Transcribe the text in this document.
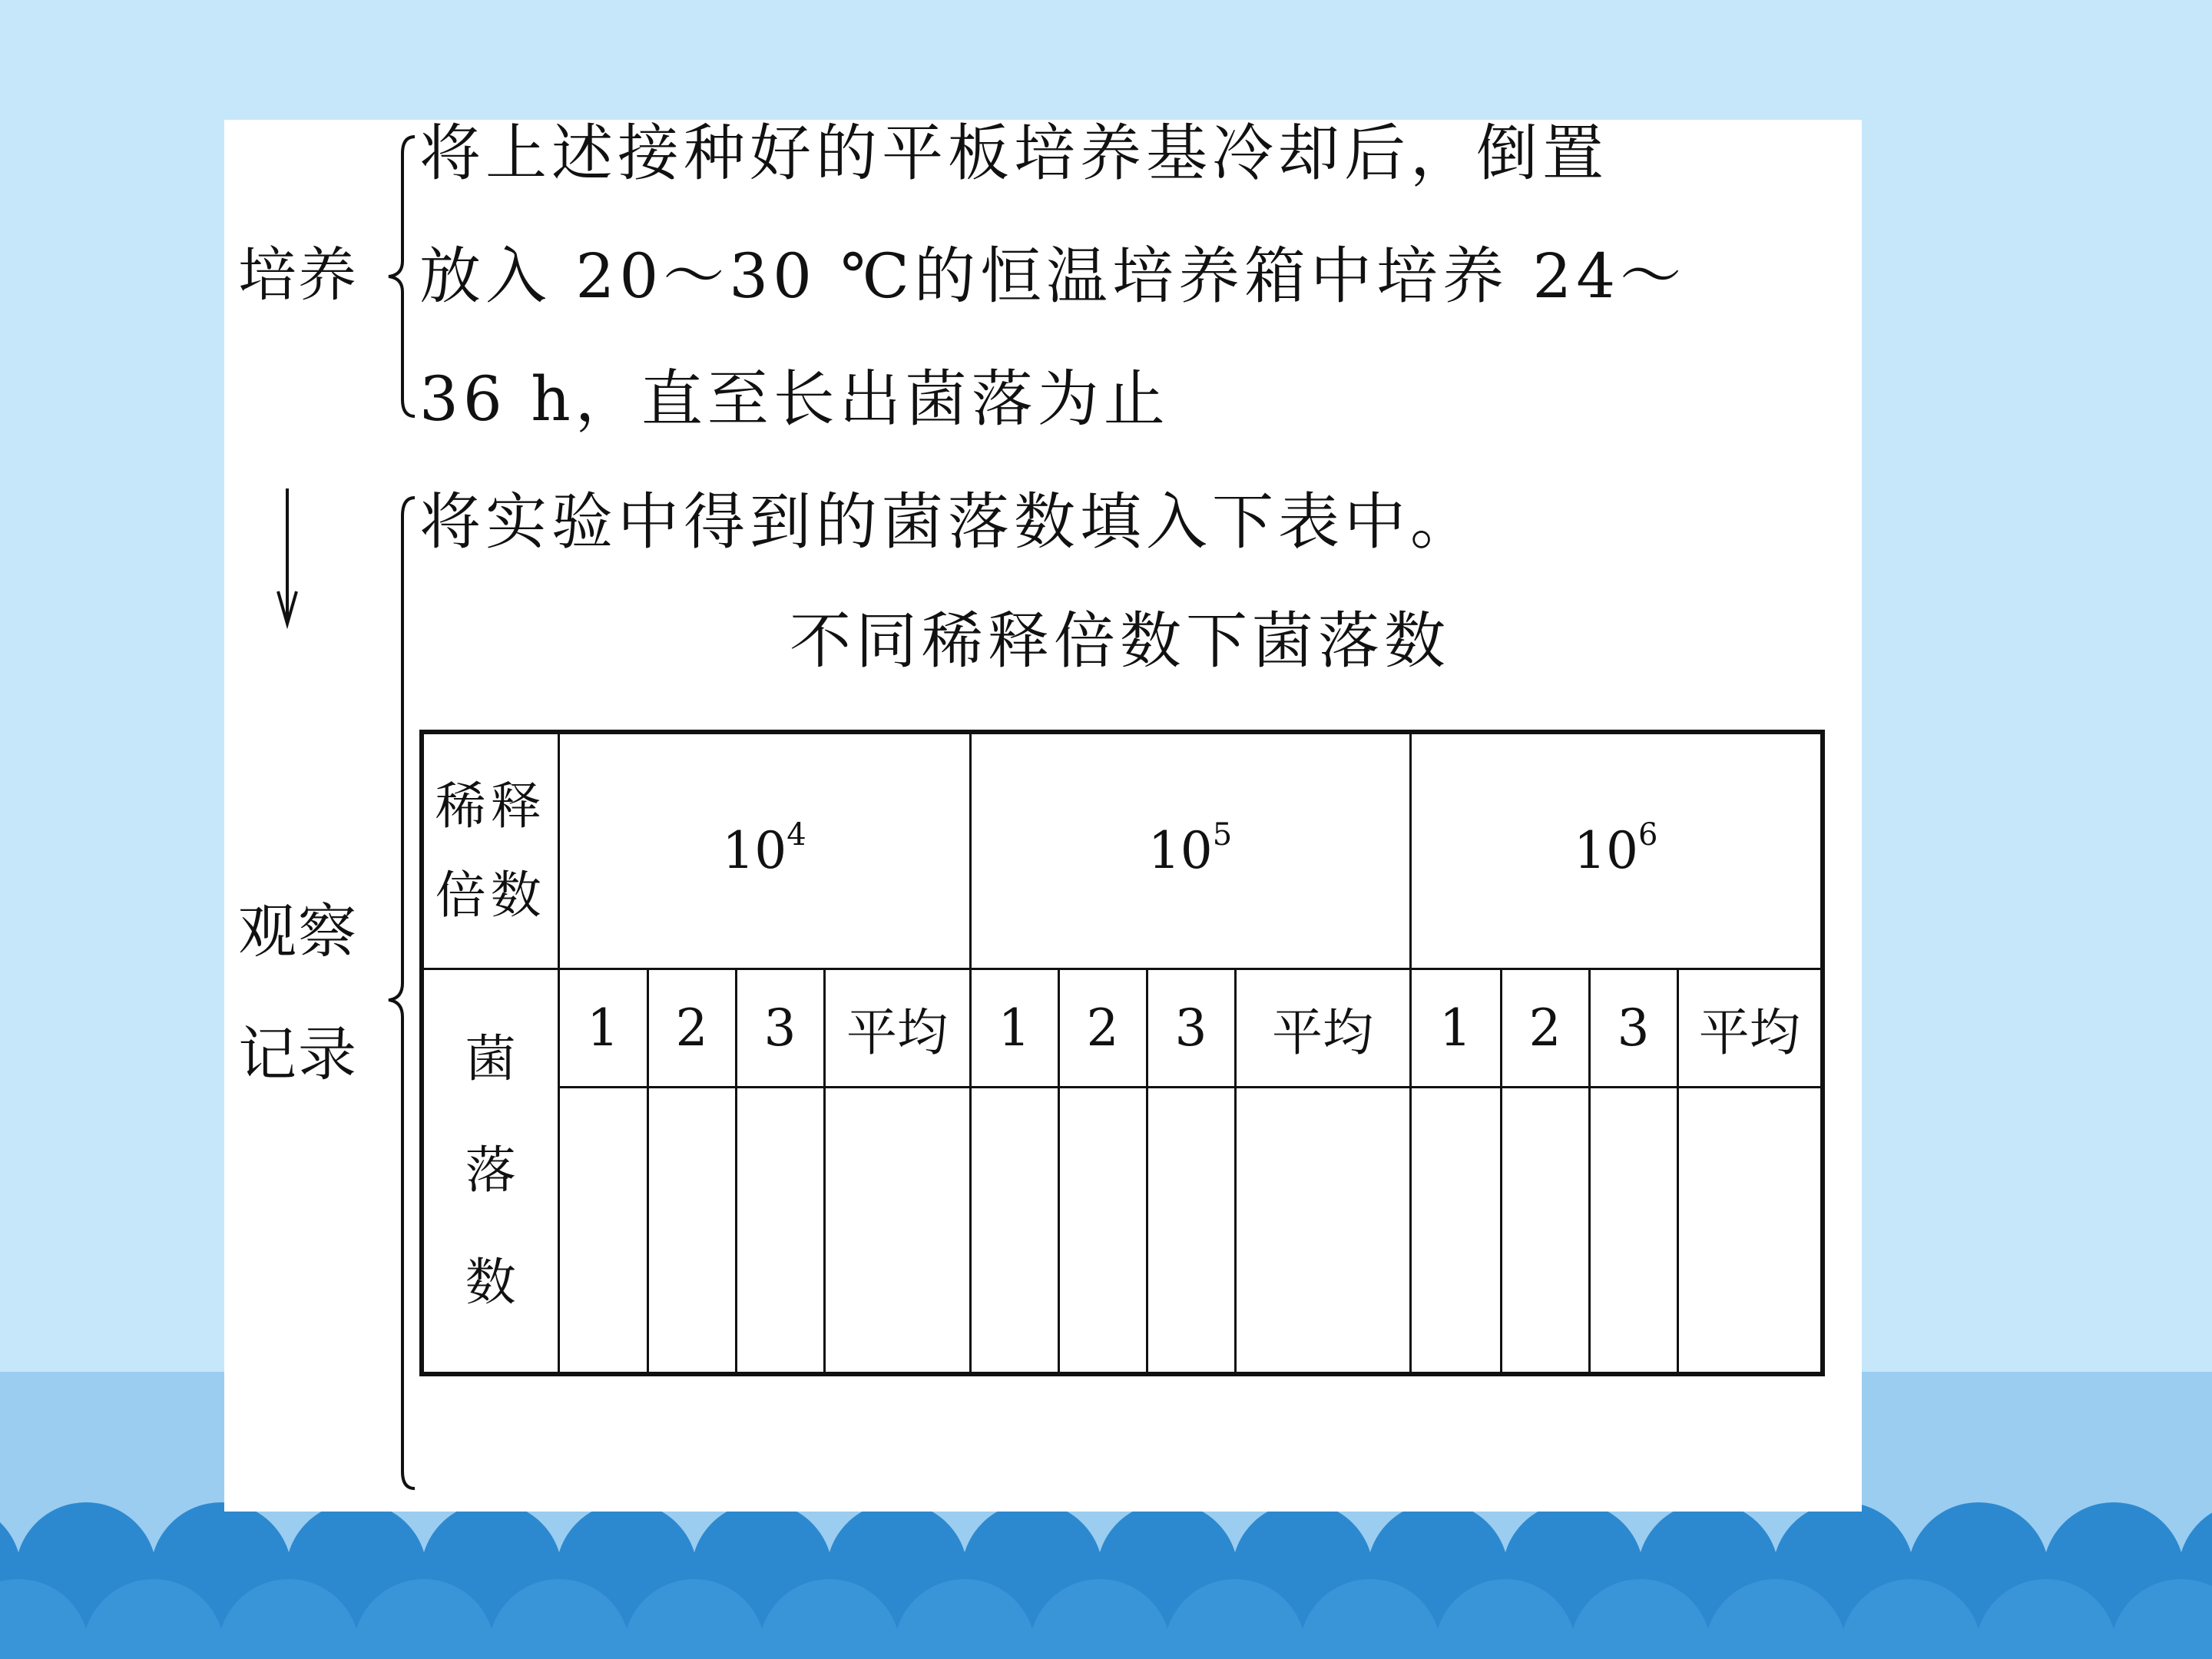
培养
将上述接种好的平板培养基冷却后，倒置
放入 20～30 ℃的恒温培养箱中培养 24～
36 h，直至长出菌落为止
观察
记录
将实验中得到的菌落数填入下表中。
不同稀释倍数下菌落数
稀释
倍数	$10^4$				$10^5$				$10^6$

菌
落
数	1	2	3	平均	1	2	3	平均	1	2	3	平均
